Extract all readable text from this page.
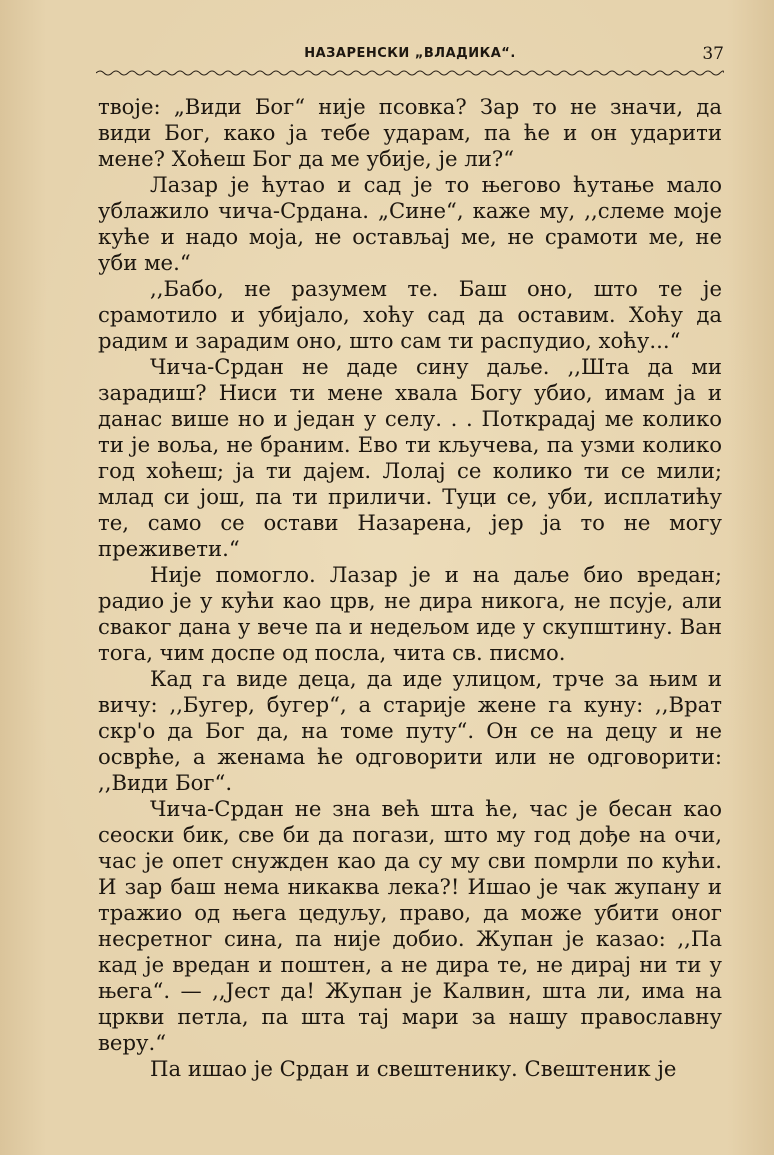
НАЗАРЕНСКИ „ВЛАДИКА“.	37

твоје: „Види Бог“ није псовка? Зар то не значи, да види Бог, како ја тебе ударам, па ће и он ударити мене? Хоћеш Бог да ме убије, је ли?“

Лазар је ћутао и сад је то његово ћутање мало ублажило чича-Срдана. „Сине“, каже му, ,,слеме моје куће и надо моја, не остављај ме, не срамоти ме, не уби ме.“

,,Бабо, не разумем те. Баш оно, што те је срамотило и убијало, хоћу сад да оставим. Хоћу да радим и зарадим оно, што сам ти распудио, хоћу...“

Чича-Срдан не даде сину даље. ,,Шта да ми зарадиш? Ниси ти мене хвала Богу убио, имам ја и данас више но и један у селу. . . Поткрадај ме колико ти је воља, не браним. Ево ти кључева, па узми колико год хоћеш; ја ти дајем. Лолај се колико ти се мили; млад си још, па ти приличи. Туци се, уби, исплатићу те, само се остави Назарена, јер ја то не могу преживети.“

Није помогло. Лазар је и на даље био вредан; радио је у кући као црв, не дира никога, не псује, али сваког дана у вече па и недељом иде у скупштину. Ван тога, чим доспе од посла, чита св. писмо.

Кад га виде деца, да иде улицом, трче за њим и вичу: ,,Бугер, бугер“, а старије жене га куну: ,,Врат скр'о да Бог да, на томе путу“. Он се на децу и не осврће, а женама ће одговорити или не одговорити: ,,Види Бог“.

Чича-Срдан не зна већ шта ће, час је бесан као сеоски бик, све би да погази, што му год дође на очи, час је опет снужден као да су му сви помрли по кући. И зар баш нема никаква лека?! Ишао је чак жупану и тражио од њега цедуљу, право, да може убити оног несретног сина, па није добио. Жупан је казао: ,,Па кад је вредан и поштен, а не дира те, не дирај ни ти у њега“. — ,,Јест да! Жупан је Калвин, шта ли, има на цркви петла, па шта тај мари за нашу православну веру.“

Па ишао је Срдан и свештенику. Свештеник је
